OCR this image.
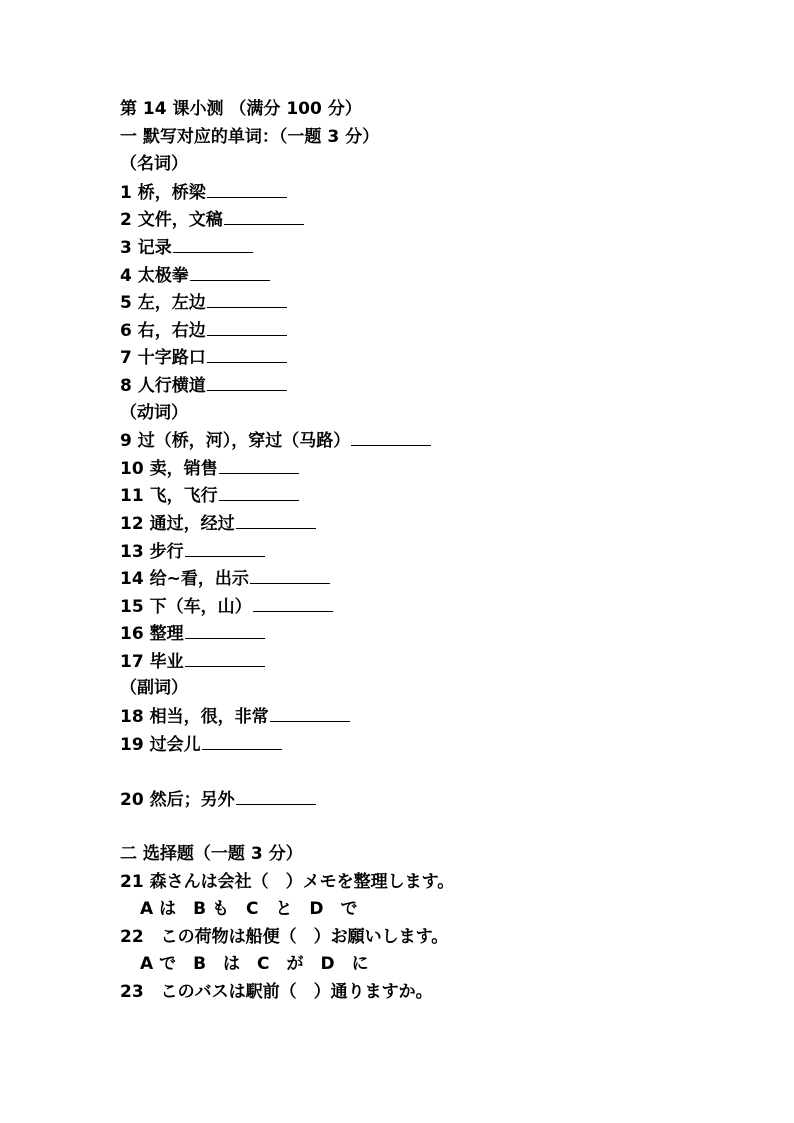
第 14 课小测 （满分 100 分）
一 默写对应的单词：（一题 3 分）
（名词）
1 桥，桥梁
2 文件，文稿
3 记录
4 太极拳
5 左，左边
6 右，右边
7 十字路口
8 人行横道
（动词）
9 过（桥，河），穿过（马路）
10 卖，销售
11 飞，飞行
12 通过，经过
13 步行
14 给~看，出示
15 下（车，山）
16 整理
17 毕业
（副词）
18 相当，很，非常
19 过会儿
20 然后；另外
二 选择题（一题 3 分）
21 森さんは会社（　）メモを整理します。
A は　B も　C　と　D　で
22　この荷物は船便（　）お願いします。
A で　B　は　C　が　D　に
23　このバスは駅前（　）通りますか。
